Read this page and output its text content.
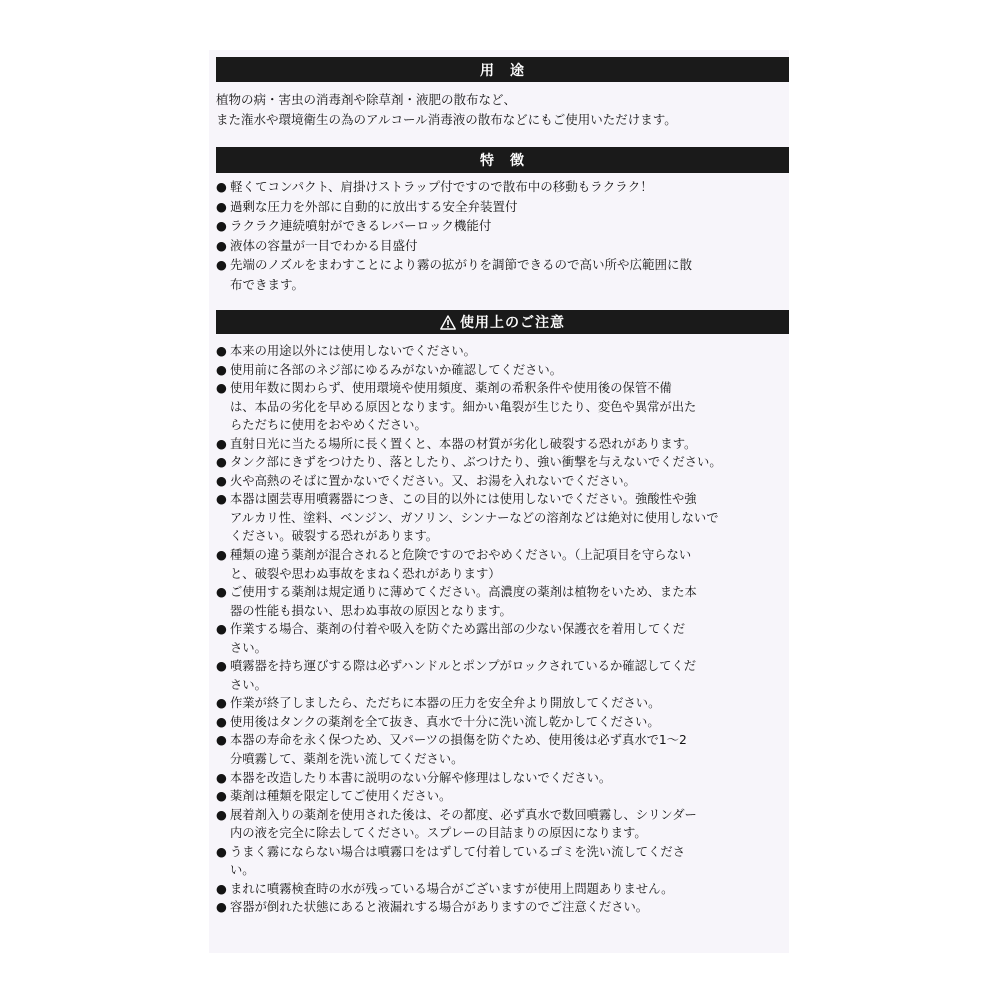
用　途
植物の病・害虫の消毒剤や除草剤・液肥の散布など、
また潅水や環境衛生の為のアルコール消毒液の散布などにもご使用いただけます。
特　徴
● 軽くてコンパクト、肩掛けストラップ付ですので散布中の移動もラクラク！
● 過剰な圧力を外部に自動的に放出する安全弁装置付
● ラクラク連続噴射ができるレバーロック機能付
● 液体の容量が一目でわかる目盛付
● 先端のノズルをまわすことにより霧の拡がりを調節できるので高い所や広範囲に散
布できます。
使用上のご注意
● 本来の用途以外には使用しないでください。
● 使用前に各部のネジ部にゆるみがないか確認してください。
● 使用年数に関わらず、使用環境や使用頻度、薬剤の希釈条件や使用後の保管不備
は、本品の劣化を早める原因となります。細かい亀裂が生じたり、変色や異常が出た
らただちに使用をおやめください。
● 直射日光に当たる場所に長く置くと、本器の材質が劣化し破裂する恐れがあります。
● タンク部にきずをつけたり、落としたり、ぶつけたり、強い衝撃を与えないでください。
● 火や高熱のそばに置かないでください。又、お湯を入れないでください。
● 本器は園芸専用噴霧器につき、この目的以外には使用しないでください。強酸性や強
アルカリ性、塗料、ベンジン、ガソリン、シンナーなどの溶剤などは絶対に使用しないで
ください。破裂する恐れがあります。
● 種類の違う薬剤が混合されると危険ですのでおやめください。（上記項目を守らない
と、破裂や思わぬ事故をまねく恐れがあります）
● ご使用する薬剤は規定通りに薄めてください。高濃度の薬剤は植物をいため、また本
器の性能も損ない、思わぬ事故の原因となります。
● 作業する場合、薬剤の付着や吸入を防ぐため露出部の少ない保護衣を着用してくだ
さい。
● 噴霧器を持ち運びする際は必ずハンドルとポンプがロックされているか確認してくだ
さい。
● 作業が終了しましたら、ただちに本器の圧力を安全弁より開放してください。
● 使用後はタンクの薬剤を全て抜き、真水で十分に洗い流し乾かしてください。
● 本器の寿命を永く保つため、又パーツの損傷を防ぐため、使用後は必ず真水で1～2
分噴霧して、薬剤を洗い流してください。
● 本器を改造したり本書に説明のない分解や修理はしないでください。
● 薬剤は種類を限定してご使用ください。
● 展着剤入りの薬剤を使用された後は、その都度、必ず真水で数回噴霧し、シリンダー
内の液を完全に除去してください。スプレーの目詰まりの原因になります。
● うまく霧にならない場合は噴霧口をはずして付着しているゴミを洗い流してくださ
い。
● まれに噴霧検査時の水が残っている場合がございますが使用上問題ありません。
● 容器が倒れた状態にあると液漏れする場合がありますのでご注意ください。
